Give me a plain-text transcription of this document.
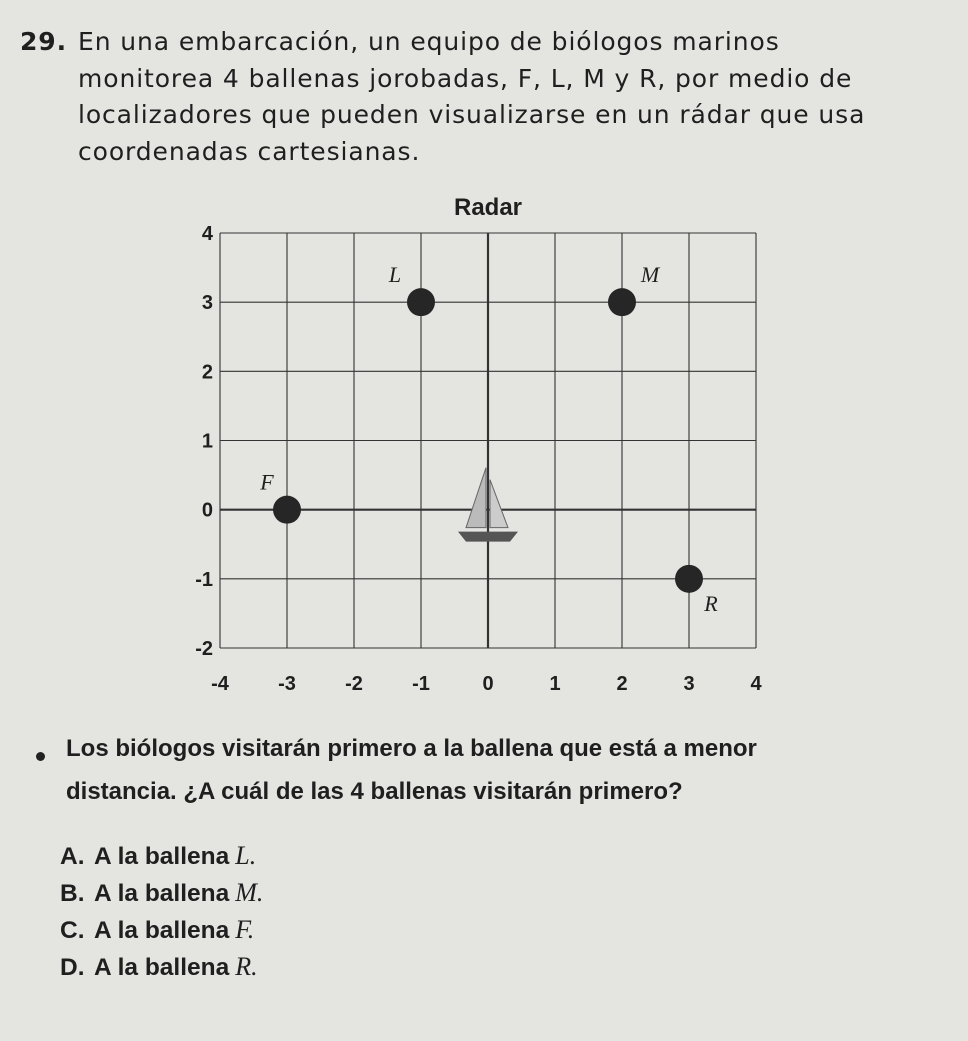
29. En una embarcación, un equipo de biólogos marinos
monitorea 4 ballenas jorobadas, F, L, M y R, por medio de
localizadores que pueden visualizarse en un rádar que usa
coordenadas cartesianas.
Radar
-4 -3 -2 -1	0	1	2	3	4
4
3
2
1
0
-1
-2
L	M
F
R
Los biólogos visitarán primero a la ballena que está a menor
distancia. ¿A cuál de las 4 ballenas visitarán primero?
A. A la ballena L.
B. A la ballena M.
C. A la ballena F.
D. A la ballena R.
